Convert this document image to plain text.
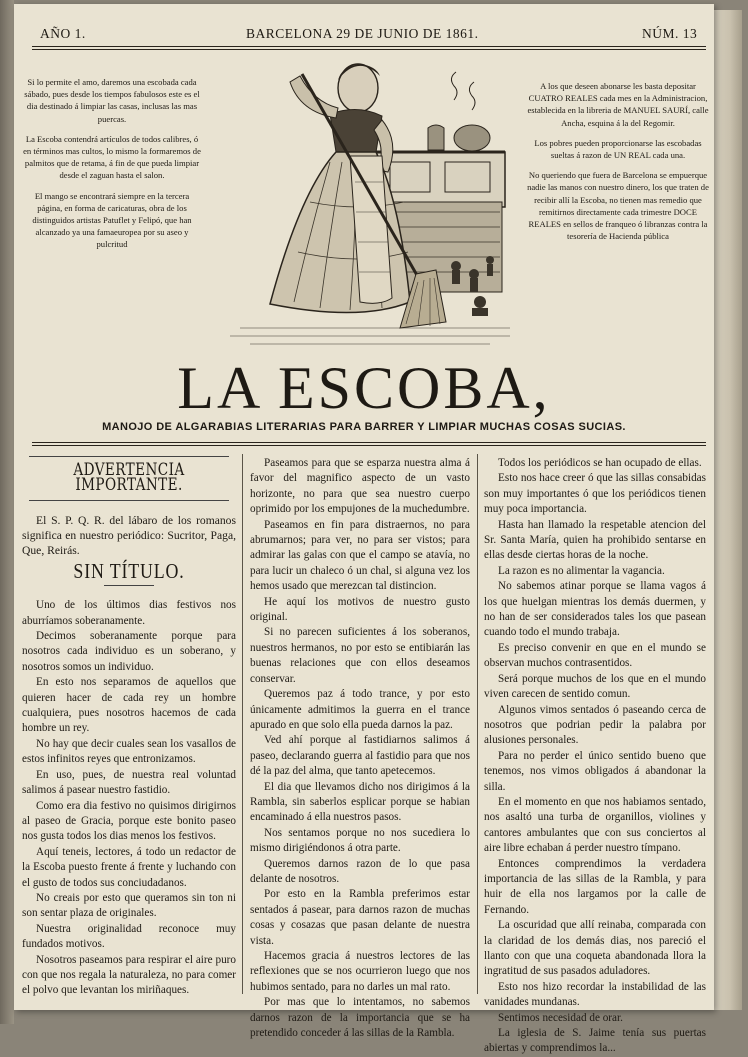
AÑO 1.	BARCELONA 29 DE JUNIO DE 1861.	NÚM. 13

Si lo permite el amo, daremos una escobada cada sábado, pues desde los tiempos fabulosos este es el dia destinado á limpiar las casas, inclusas las mas puercas.

La Escoba contendrá artículos de todos calibres, ó en términos mas cultos, lo mismo la formaremos de palmitos que de retama, á fin de que pueda limpiar desde el zaguan hasta el salon.

El mango se encontrará siempre en la tercera página, en forma de caricaturas, obra de los distinguidos artistas Patuflet y Felipó, que han alcanzado ya una famaeuropea por su aseo y pulcritud

A los que deseen abonarse les basta depositar CUATRO REALES cada mes en la Administracion, establecida en la libreria de MANUEL SAURÍ, calle Ancha, esquina á la del Regomir.

Los pobres pueden proporcionarse las escobadas sueltas á razon de UN REAL cada una.

No queriendo que fuera de Barcelona se empuerque nadie las manos con nuestro dinero, los que traten de recibir allí la Escoba, no tienen mas remedio que remitirnos directamente cada trimestre DOCE REALES en sellos de franqueo ó libranzas contra la tesorería de Hacienda pública

LA ESCOBA,
MANOJO DE ALGARABIAS LITERARIAS PARA BARRER Y LIMPIAR MUCHAS COSAS SUCIAS.
ADVERTENCIA IMPORTANTE.

El S. P. Q. R. del lábaro de los romanos significa en nuestro periódico: Sucritor, Paga, Que, Reirás.

SIN TÍTULO.

Uno de los últimos dias festivos nos aburríamos soberanamente.

Decimos soberanamente porque para nosotros cada individuo es un soberano, y nosotros somos un individuo.

En esto nos separamos de aquellos que quieren hacer de cada rey un hombre cualquiera, pues nosotros hacemos de cada hombre un rey.

No hay que decir cuales sean los vasallos de estos infinitos reyes que entronizamos.

En uso, pues, de nuestra real voluntad salimos á pasear nuestro fastidio.

Como era dia festivo no quisimos dirigirnos al paseo de Gracia, porque este bonito paseo nos gusta todos los dias menos los festivos.

Aquí teneis, lectores, á todo un redactor de la Escoba puesto frente á frente y luchando con el gusto de todos sus conciudadanos.

No creais por esto que queramos sin ton ni son sentar plaza de originales.

Nuestra originalidad reconoce muy fundados motivos.

Nosotros paseamos para respirar el aire puro con que nos regala la naturaleza, no para comer el polvo que levantan los miriñaques.

Paseamos para que se esparza nuestra alma á favor del magnifico aspecto de un vasto horizonte, no para que sea nuestro cuerpo oprimido por los empujones de la muchedumbre.

Paseamos en fin para distraernos, no para abrumarnos; para ver, no para ser vistos; para admirar las galas con que el campo se atavía, no para lucir un chaleco ó un chal, si alguna vez los hemos usado que merezcan tal distincion.

He aquí los motivos de nuestro gusto original.

Si no parecen suficientes á los soberanos, nuestros hermanos, no por esto se entibiarán las buenas relaciones que con ellos deseamos conservar.

Queremos paz á todo trance, y por esto únicamente admitimos la guerra en el trance apurado en que solo ella pueda darnos la paz.

Ved ahí porque al fastidiarnos salimos á paseo, declarando guerra al fastidio para que nos dé la paz del alma, que tanto apetecemos.

El dia que llevamos dicho nos dirigimos á la Rambla, sin saberlos esplicar porque se habian encaminado á ella nuestros pasos.

Nos sentamos porque no nos sucediera lo mismo dirigiéndonos á otra parte.

Queremos darnos razon de lo que pasa delante de nosotros.

Por esto en la Rambla preferimos estar sentados á pasear, para darnos razon de muchas cosas y cosazas que pasan delante de nuestra vista.

Hacemos gracia á nuestros lectores de las reflexiones que se nos ocurrieron luego que nos hubimos sentado, para no darles un mal rato.

Por mas que lo intentamos, no sabemos darnos razon de la importancia que se ha pretendido conceder á las sillas de la Rambla.

Todos los periódicos se han ocupado de ellas.

Esto nos hace creer ó que las sillas consabidas son muy importantes ó que los periódicos tienen muy poca importancia.

Hasta han llamado la respetable atencion del Sr. Santa María, quien ha prohibido sentarse en ellas desde ciertas horas de la noche.

La razon es no alimentar la vagancia.

No sabemos atinar porque se llama vagos á los que huelgan mientras los demás duermen, y no han de ser considerados tales los que pasean cuando todo el mundo trabaja.

Es preciso convenir en que en el mundo se observan muchos contrasentidos.

Será porque muchos de los que en el mundo viven carecen de sentido comun.

Algunos vimos sentados ó paseando cerca de nosotros que podrian pedir la palabra por alusiones personales.

Para no perder el único sentido bueno que tenemos, nos vimos obligados á abandonar la silla.

En el momento en que nos habiamos sentado, nos asaltó una turba de organillos, violines y cantores ambulantes que con sus conciertos al aire libre echaban á perder nuestro tímpano.

Entonces comprendimos la verdadera importancia de las sillas de la Rambla, y para huir de ella nos largamos por la calle de Fernando.

La oscuridad que allí reinaba, comparada con la claridad de los demás dias, nos pareció el llanto con que una coqueta abandonada llora la ingratitud de sus pasados aduladores.

Esto nos hizo recordar la instabilidad de las vanidades mundanas.

Sentimos necesidad de orar.

La iglesia de S. Jaime tenía sus puertas abiertas y comprendimos la...
